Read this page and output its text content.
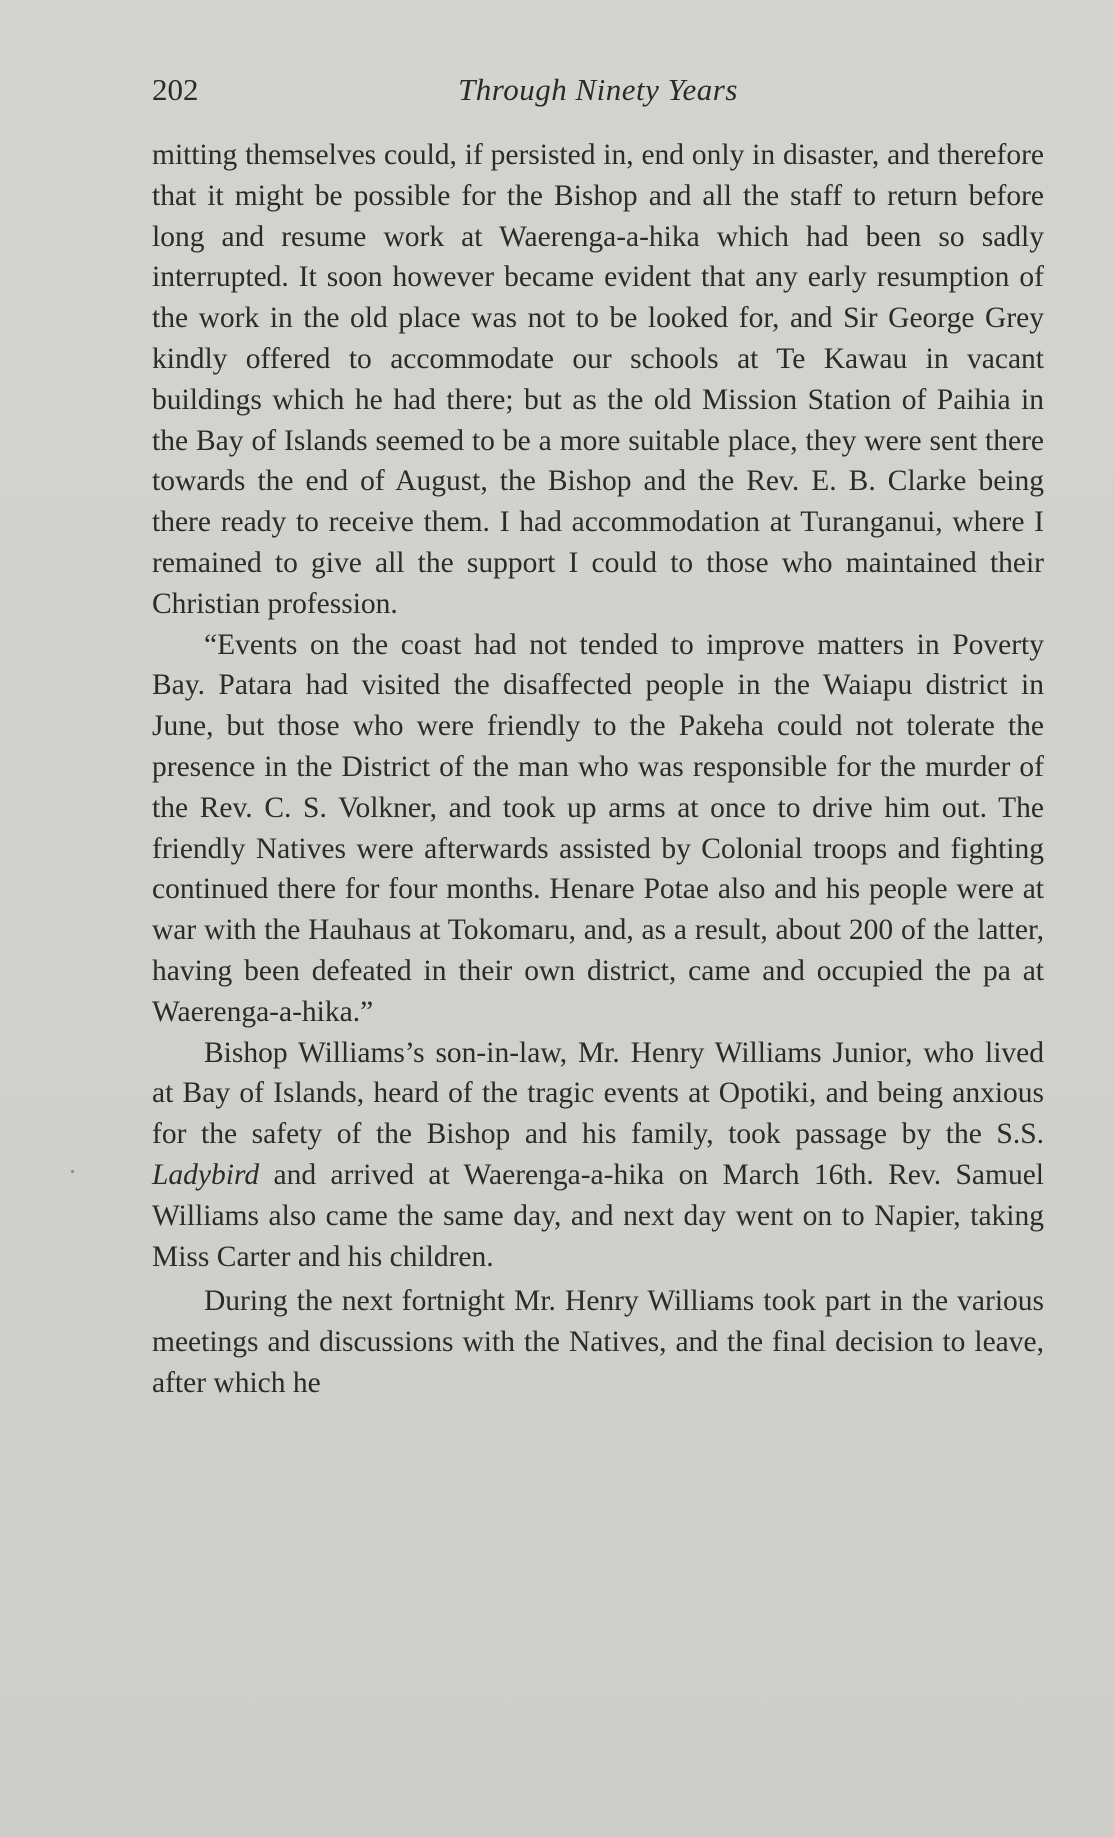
202	Through Ninety Years

mitting themselves could, if persisted in, end only in disaster, and therefore that it might be possible for the Bishop and all the staff to return before long and resume work at Waerenga-a-hika which had been so sadly interrupted. It soon however became evident that any early resumption of the work in the old place was not to be looked for, and Sir George Grey kindly offered to accommodate our schools at Te Kawau in vacant buildings which he had there; but as the old Mission Station of Paihia in the Bay of Islands seemed to be a more suitable place, they were sent there towards the end of August, the Bishop and the Rev. E. B. Clarke being there ready to receive them. I had accommodation at Turanganui, where I remained to give all the support I could to those who maintained their Christian profession.

“Events on the coast had not tended to improve matters in Poverty Bay. Patara had visited the disaffected people in the Waiapu district in June, but those who were friendly to the Pakeha could not tolerate the presence in the District of the man who was responsible for the murder of the Rev. C. S. Volkner, and took up arms at once to drive him out. The friendly Natives were afterwards assisted by Colonial troops and fighting continued there for four months. Henare Potae also and his people were at war with the Hauhaus at Tokomaru, and, as a result, about 200 of the latter, having been defeated in their own district, came and occupied the pa at Waerenga-a-hika.”

Bishop Williams’s son-in-law, Mr. Henry Williams Junior, who lived at Bay of Islands, heard of the tragic events at Opotiki, and being anxious for the safety of the Bishop and his family, took passage by the S.S. Ladybird and arrived at Waerenga-a-hika on March 16th. Rev. Samuel Williams also came the same day, and next day went on to Napier, taking Miss Carter and his children.

During the next fortnight Mr. Henry Williams took part in the various meetings and discussions with the Natives, and the final decision to leave, after which he
